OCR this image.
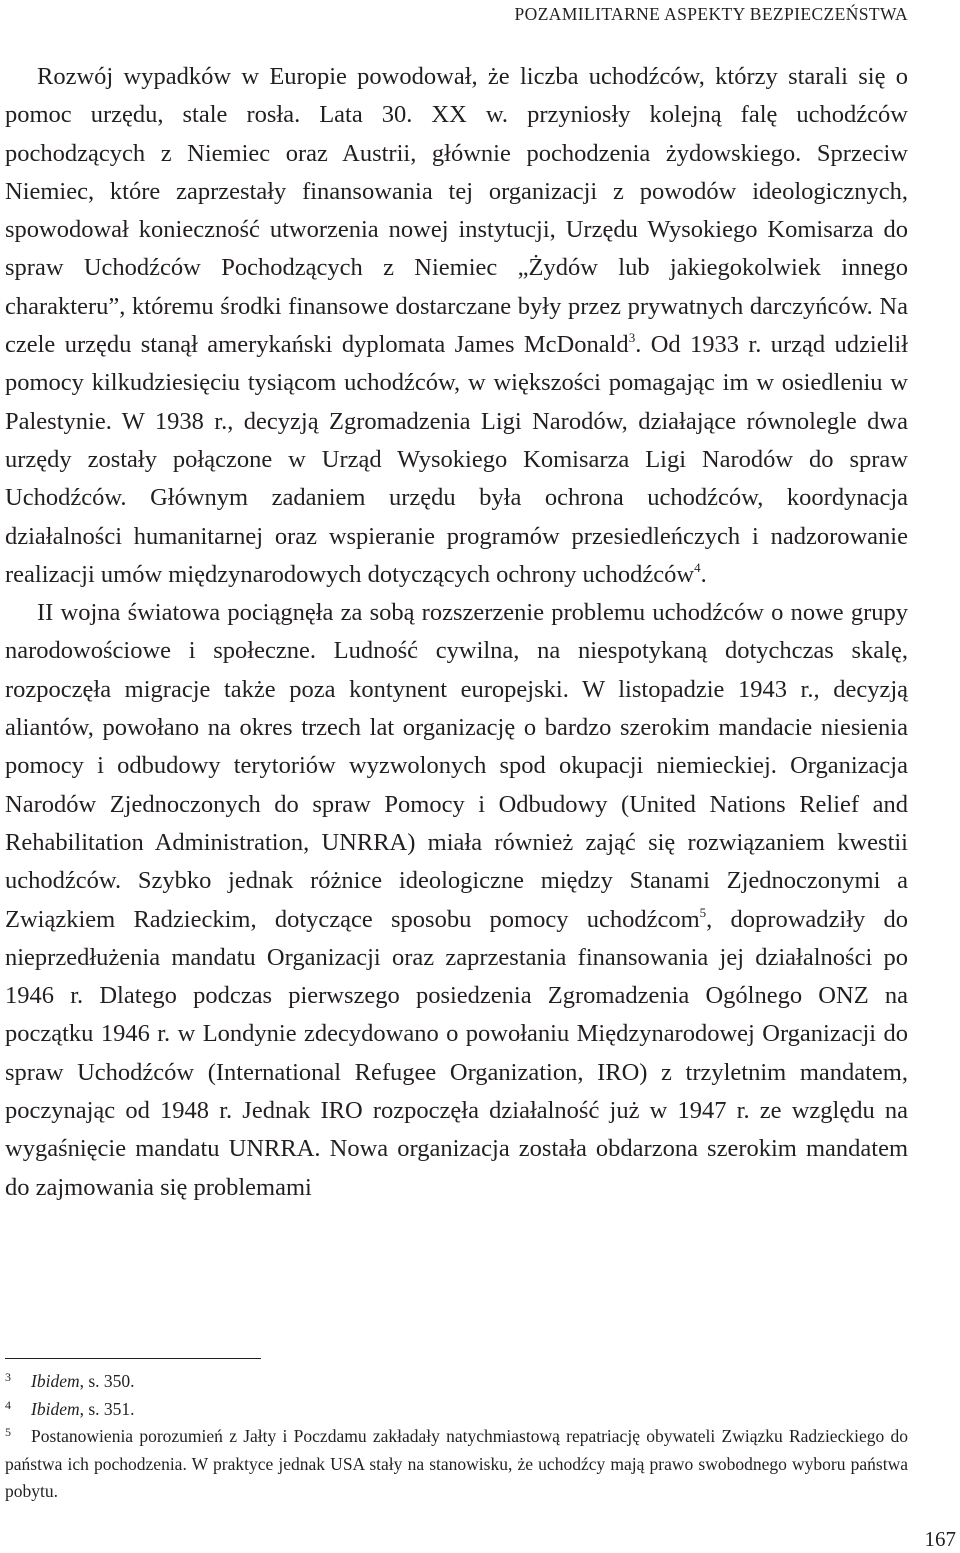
POZAMILITARNE ASPEKTY BEZPIECZEŃSTWA

Rozwój wypadków w Europie powodował, że liczba uchodźców, którzy starali się o pomoc urzędu, stale rosła. Lata 30. XX w. przyniosły kolejną falę uchodźców pochodzących z Niemiec oraz Austrii, głównie pochodzenia żydowskiego. Sprzeciw Niemiec, które zaprzestały finansowania tej organizacji z powodów ideologicznych, spowodował konieczność utworzenia nowej instytucji, Urzędu Wysokiego Komisarza do spraw Uchodźców Pochodzących z Niemiec „Żydów lub jakiegokolwiek innego charakteru”, któremu środki finansowe dostarczane były przez prywatnych darczyńców. Na czele urzędu stanął amerykański dyplomata James McDonald$^3$. Od 1933 r. urząd udzielił pomocy kilkudziesięciu tysiącom uchodźców, w większości pomagając im w osiedleniu w Palestynie. W 1938 r., decyzją Zgromadzenia Ligi Narodów, działające równolegle dwa urzędy zostały połączone w Urząd Wysokiego Komisarza Ligi Narodów do spraw Uchodźców. Głównym zadaniem urzędu była ochrona uchodźców, koordynacja działalności humanitarnej oraz wspieranie programów przesiedleńczych i nadzorowanie realizacji umów międzynarodowych dotyczących ochrony uchodźców$^4$.

II wojna światowa pociągnęła za sobą rozszerzenie problemu uchodźców o nowe grupy narodowościowe i społeczne. Ludność cywilna, na niespotykaną dotychczas skalę, rozpoczęła migracje także poza kontynent europejski. W listopadzie 1943 r., decyzją aliantów, powołano na okres trzech lat organizację o bardzo szerokim mandacie niesienia pomocy i odbudowy terytoriów wyzwolonych spod okupacji niemieckiej. Organizacja Narodów Zjednoczonych do spraw Pomocy i Odbudowy (United Nations Relief and Rehabilitation Administration, UNRRA) miała również zająć się rozwiązaniem kwestii uchodźców. Szybko jednak różnice ideologiczne między Stanami Zjednoczonymi a Związkiem Radzieckim, dotyczące sposobu pomocy uchodźcom$^5$, doprowadziły do nieprzedłużenia mandatu Organizacji oraz zaprzestania finansowania jej działalności po 1946 r. Dlatego podczas pierwszego posiedzenia Zgromadzenia Ogólnego ONZ na początku 1946 r. w Londynie zdecydowano o powołaniu Międzynarodowej Organizacji do spraw Uchodźców (International Refugee Organization, IRO) z trzyletnim mandatem, poczynając od 1948 r. Jednak IRO rozpoczęła działalność już w 1947 r. ze względu na wygaśnięcie mandatu UNRRA. Nowa organizacja została obdarzona szerokim mandatem do zajmowania się problemami

3 Ibidem, s. 350.

4 Ibidem, s. 351.

5 Postanowienia porozumień z Jałty i Poczdamu zakładały natychmiastową repatriację obywateli Związku Radzieckiego do państwa ich pochodzenia. W praktyce jednak USA stały na stanowisku, że uchodźcy mają prawo swobodnego wyboru państwa pobytu.

167
